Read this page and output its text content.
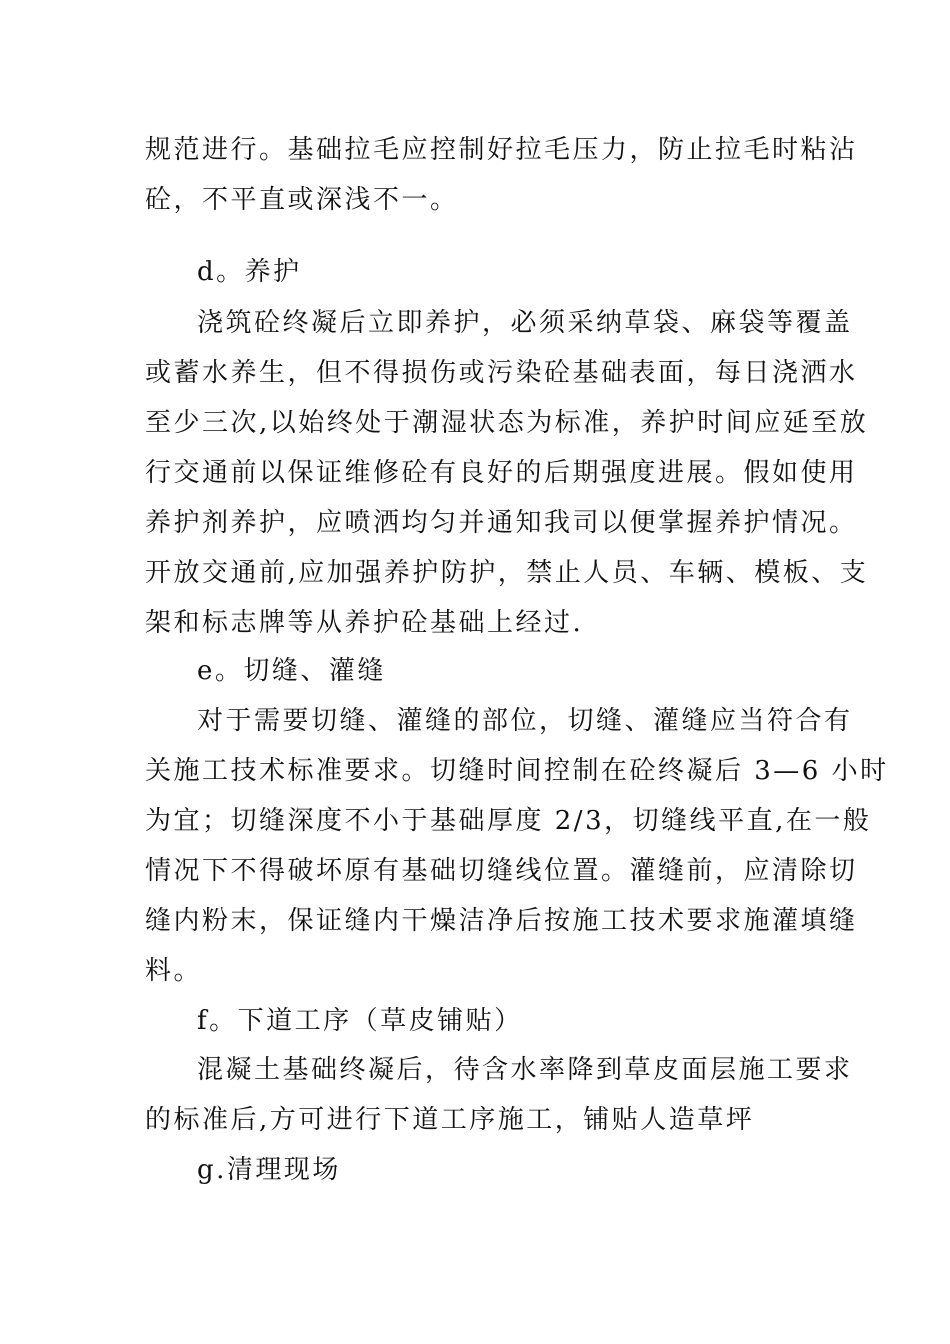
规范进行。基础拉毛应控制好拉毛压力，防止拉毛时粘沾
砼，不平直或深浅不一。
d。养护
浇筑砼终凝后立即养护，必须采纳草袋、麻袋等覆盖
或蓄水养生，但不得损伤或污染砼基础表面，每日浇洒水
至少三次,以始终处于潮湿状态为标准，养护时间应延至放
行交通前以保证维修砼有良好的后期强度进展。假如使用
养护剂养护，应喷洒均匀并通知我司以便掌握养护情况。
开放交通前,应加强养护防护，禁止人员、车辆、模板、支
架和标志牌等从养护砼基础上经过.
e。切缝、灌缝
对于需要切缝、灌缝的部位，切缝、灌缝应当符合有
关施工技术标准要求。切缝时间控制在砼终凝后 3—6 小时
为宜；切缝深度不小于基础厚度 2/3，切缝线平直,在一般
情况下不得破坏原有基础切缝线位置。灌缝前，应清除切
缝内粉末，保证缝内干燥洁净后按施工技术要求施灌填缝
料。
f。下道工序（草皮铺贴）
混凝土基础终凝后，待含水率降到草皮面层施工要求
的标准后,方可进行下道工序施工，铺贴人造草坪
g.清理现场
